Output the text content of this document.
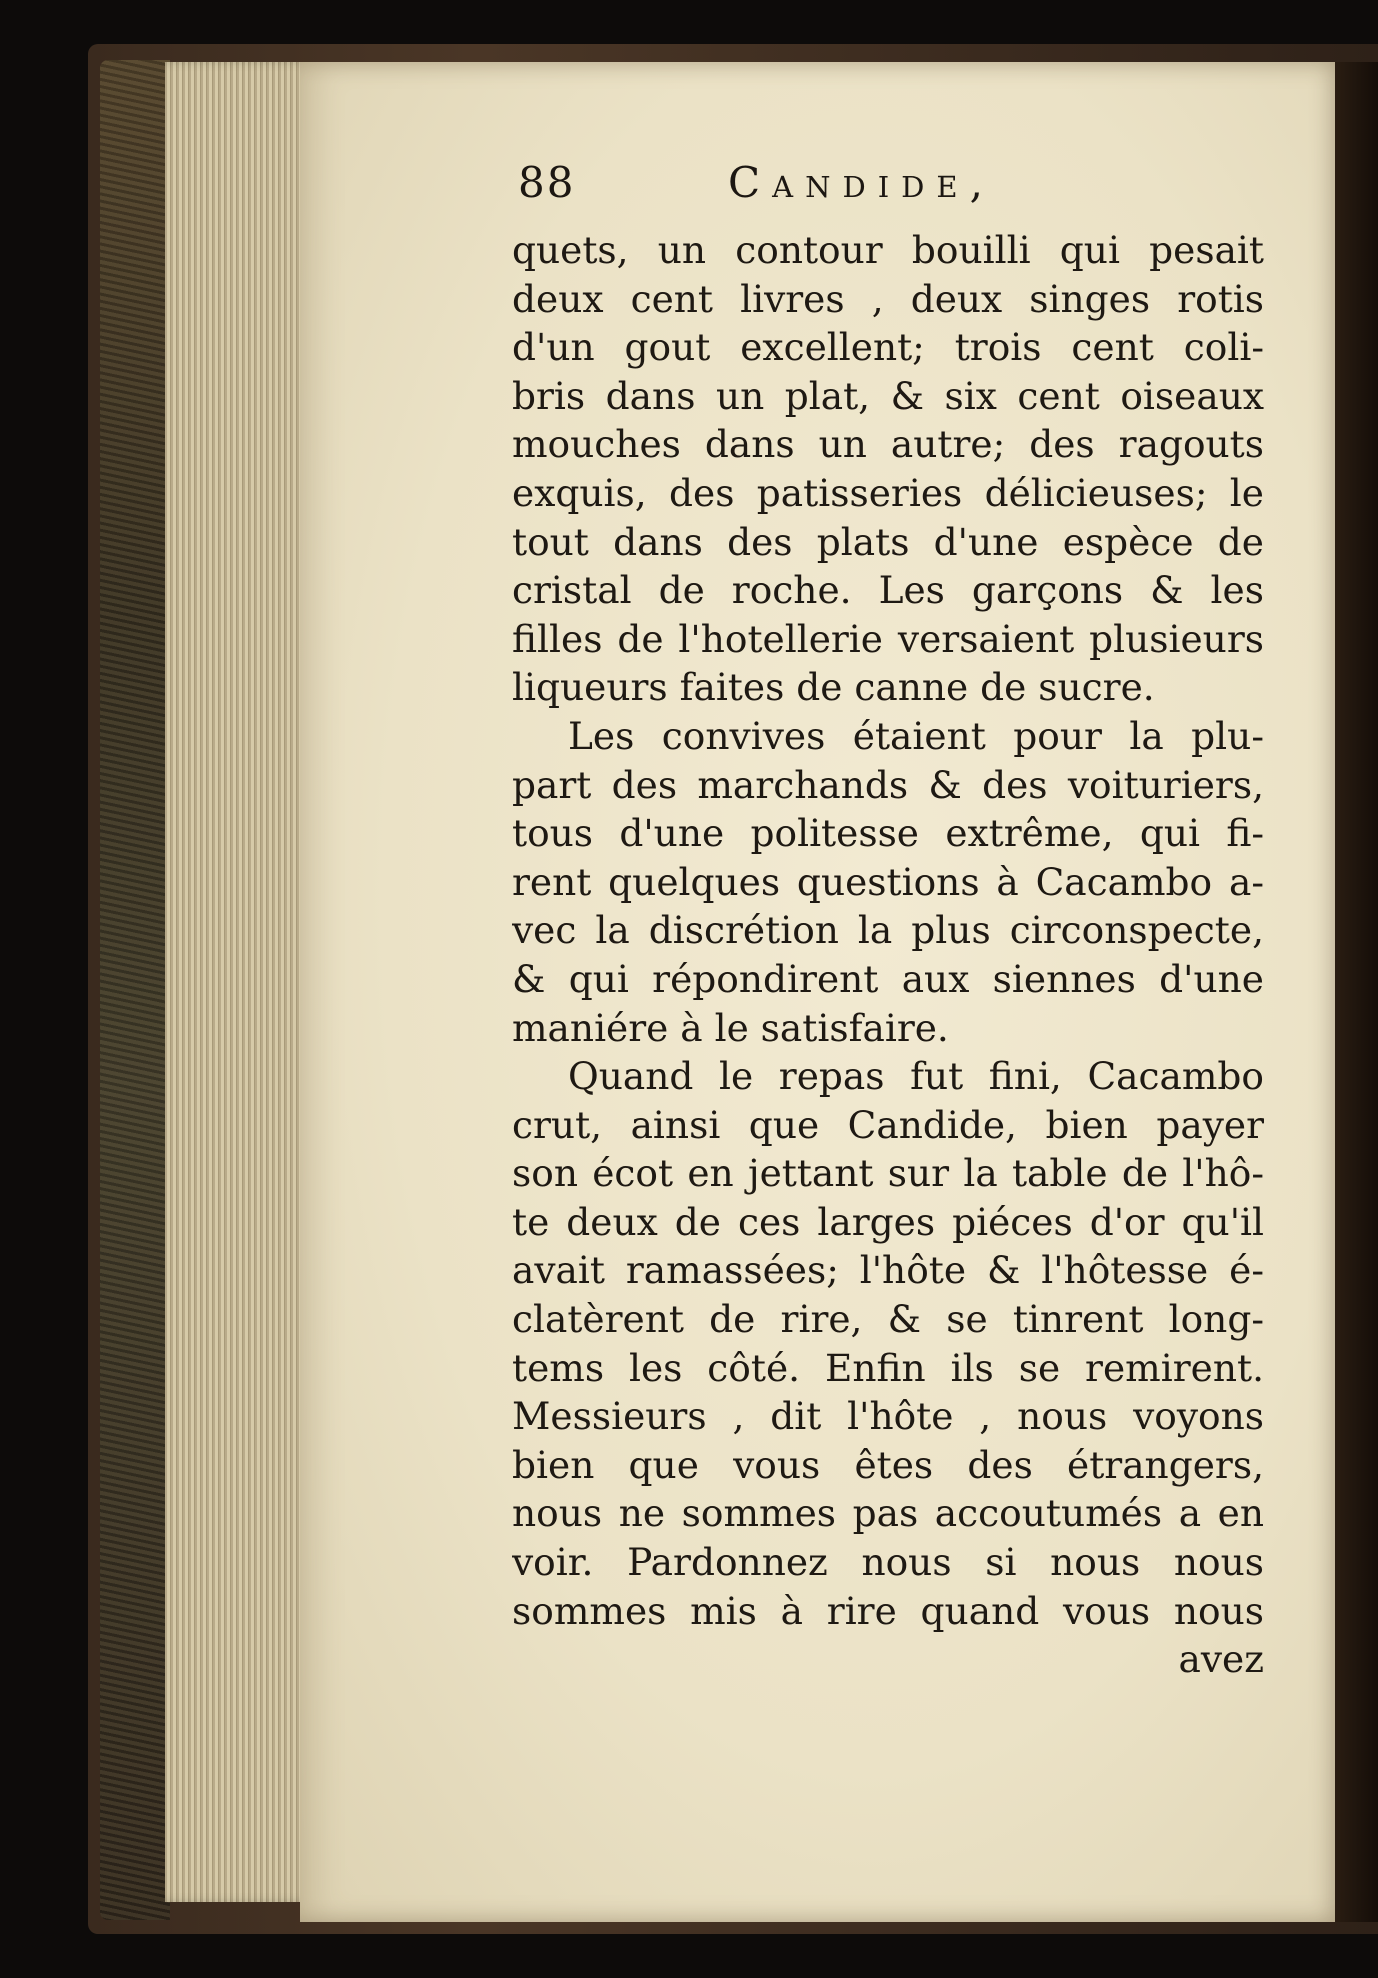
88	Candide,
quets, un contour bouilli qui pesait
deux cent livres , deux singes rotis
d'un gout excellent; trois cent coli-
bris dans un plat, & six cent oiseaux
mouches dans un autre; des ragouts
exquis, des patisseries délicieuses; le
tout dans des plats d'une espèce de
cristal de roche. Les garçons & les
filles de l'hotellerie versaient plusieurs
liqueurs faites de canne de sucre.
Les convives étaient pour la plu-
part des marchands & des voituriers,
tous d'une politesse extrême, qui fi-
rent quelques questions à Cacambo a-
vec la discrétion la plus circonspecte,
& qui répondirent aux siennes d'une
maniére à le satisfaire.
Quand le repas fut fini, Cacambo
crut, ainsi que Candide, bien payer
son écot en jettant sur la table de l'hô-
te deux de ces larges piéces d'or qu'il
avait ramassées; l'hôte & l'hôtesse é-
clatèrent de rire, & se tinrent long-
tems les côté. Enfin ils se remirent.
Messieurs , dit l'hôte , nous voyons
bien que vous êtes des étrangers,
nous ne sommes pas accoutumés a en
voir. Pardonnez nous si nous nous
sommes mis à rire quand vous nous
avez
